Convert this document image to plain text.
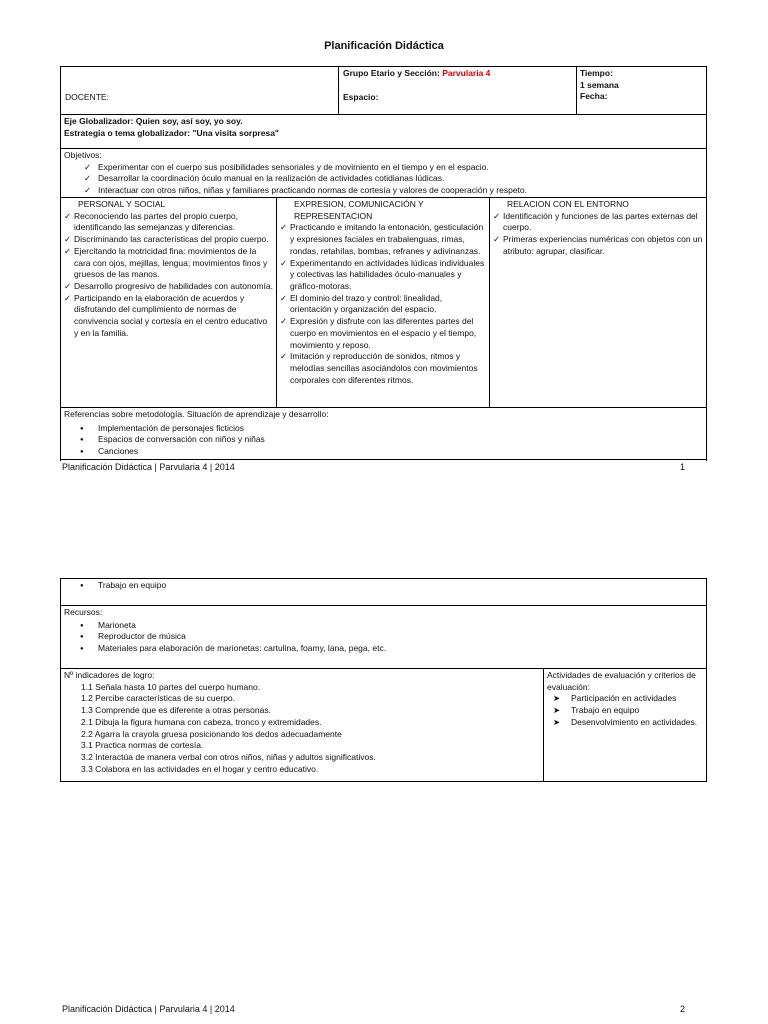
Planificación Didáctica
DOCENTE:
Grupo Etario y Sección: Parvularia 4
Espacio:
Tiempo:
1 semana
Fecha:
Eje Globalizador: Quien soy, así soy, yo soy.
Estrategia o tema globalizador: "Una visita sorpresa"
Objetivos:
✓ Experimentar con el cuerpo sus posibilidades sensoriales y de movimiento en el tiempo y en el espacio.
✓ Desarrollar la coordinación óculo manual en la realización de actividades cotidianas lúdicas.
✓ Interactuar con otros niños, niñas y familiares practicando normas de cortesía y valores de cooperación y respeto.
PERSONAL Y SOCIAL
✓ Reconociendo las partes del propio cuerpo, identificando las semejanzas y diferencias.
✓ Discriminando las características del propio cuerpo.
✓ Ejercitando la motricidad fina: movimientos de la cara con ojos, mejillas, lengua; movimientos finos y gruesos de las manos.
✓ Desarrollo progresivo de habilidades con autonomía.
✓ Participando en la elaboración de acuerdos y disfrutando del cumplimiento de normas de convivencia social y cortesía en el centro educativo y en la familia.
EXPRESION, COMUNICACIÓN Y
REPRESENTACION
✓ Practicando e imitando la entonación, gesticulación y expresiones faciales en trabalenguas, rimas, rondas, retahílas, bombas, refranes y adivinanzas.
✓ Experimentando en actividades lúdicas individuales y colectivas las habilidades óculo-manuales y gráfico-motoras.
✓ El dominio del trazo y control: linealidad, orientación y organización del espacio.
✓ Expresión y disfrute con las diferentes partes del cuerpo en movimientos en el espacio y el tiempo, movimiento y reposo.
✓ Imitación y reproducción de sonidos, ritmos y melodías sencillas asociándolos con movimientos corporales con diferentes ritmos.
RELACION CON EL ENTORNO
✓ Identificación y funciones de las partes externas del cuerpo.
✓ Primeras experiencias numéricas con objetos con un atributo: agrupar, clasificar.
Referencias sobre metodología. Situación de aprendizaje y desarrollo:
● Implementación de personajes ficticios
● Espacios de conversación con niños y niñas
● Canciones
Planificación Didáctica | Parvularia 4 | 2014	1
● Trabajo en equipo
Recursos:
● Marioneta
● Reproductor de música
● Materiales para elaboración de marionetas: cartulina, foamy, lana, pega, etc.
Nº indicadores de logro:
1.1 Señala hasta 10 partes del cuerpo humano.
1.2 Percibe características de su cuerpo.
1.3 Comprende que es diferente a otras personas.
2.1 Dibuja la figura humana con cabeza, tronco y extremidades.
2.2 Agarra la crayola gruesa posicionando los dedos adecuadamente
3.1 Practica normas de cortesía.
3.2 Interactúa de manera verbal con otros niños, niñas y adultos significativos.
3.3 Colabora en las actividades en el hogar y centro educativo.
Actividades de evaluación y criterios de evaluación:
➤ Participación en actividades
➤ Trabajo en equipo
➤ Desenvolvimiento en actividades.
Planificación Didáctica | Parvularia 4 | 2014	2
